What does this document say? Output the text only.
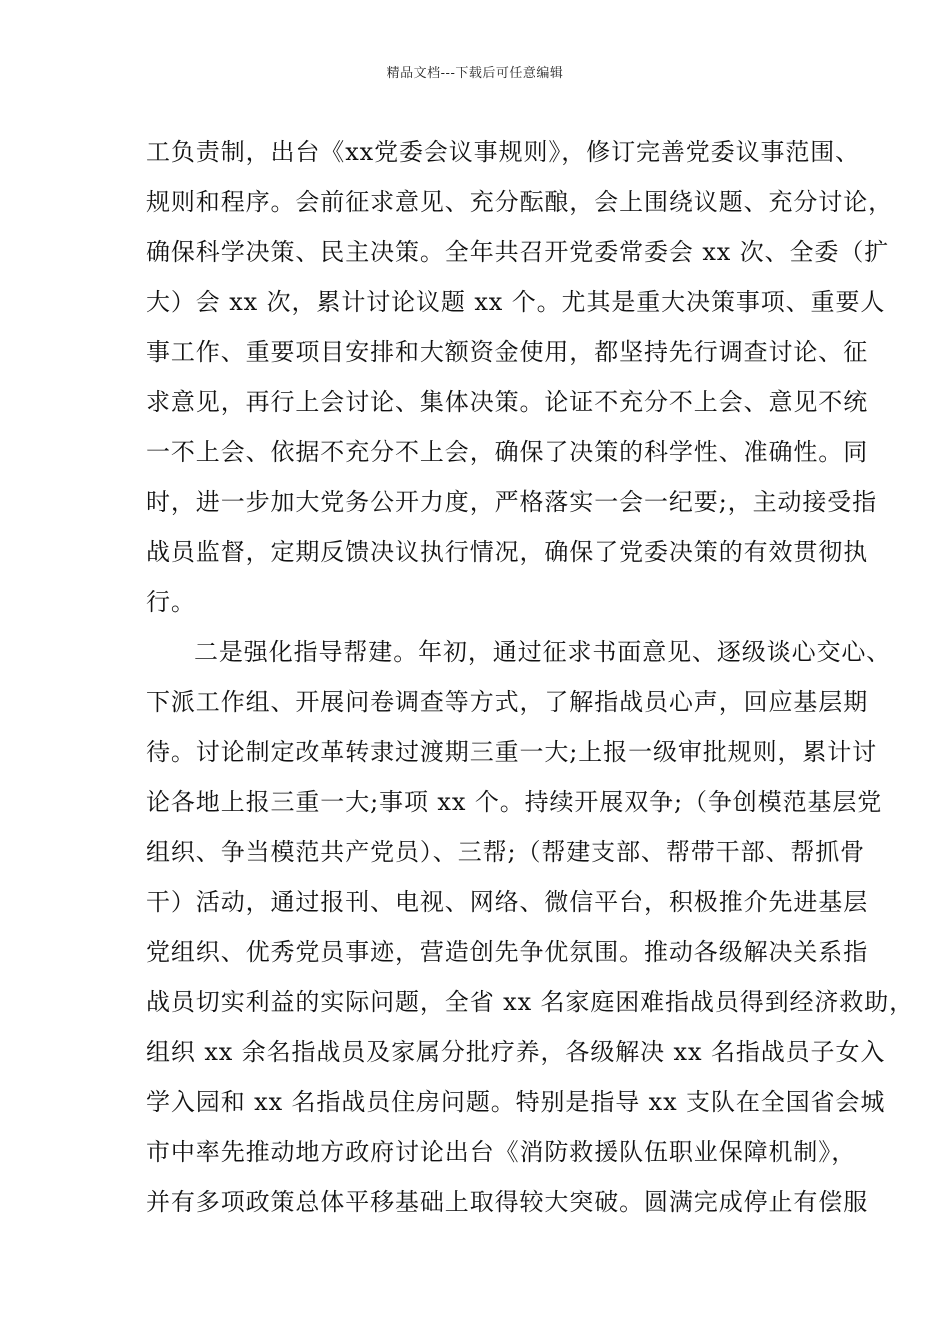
精品文档---下载后可任意编辑
工负责制，出台《xx党委会议事规则》，修订完善党委议事范围、
规则和程序。会前征求意见、充分酝酿，会上围绕议题、充分讨论，
确保科学决策、民主决策。全年共召开党委常委会 xx 次、全委（扩
大）会 xx 次，累计讨论议题 xx 个。尤其是重大决策事项、重要人
事工作、重要项目安排和大额资金使用，都坚持先行调查讨论、征
求意见，再行上会讨论、集体决策。论证不充分不上会、意见不统
一不上会、依据不充分不上会，确保了决策的科学性、准确性。同
时，进一步加大党务公开力度，严格落实一会一纪要;，主动接受指
战员监督，定期反馈决议执行情况，确保了党委决策的有效贯彻执
行。
二是强化指导帮建。年初，通过征求书面意见、逐级谈心交心、
下派工作组、开展问卷调查等方式，了解指战员心声，回应基层期
待。讨论制定改革转隶过渡期三重一大;上报一级审批规则，累计讨
论各地上报三重一大;事项 xx 个。持续开展双争;（争创模范基层党
组织、争当模范共产党员）、三帮;（帮建支部、帮带干部、帮抓骨
干）活动，通过报刊、电视、网络、微信平台，积极推介先进基层
党组织、优秀党员事迹，营造创先争优氛围。推动各级解决关系指
战员切实利益的实际问题，全省 xx 名家庭困难指战员得到经济救助，
组织 xx 余名指战员及家属分批疗养，各级解决 xx 名指战员子女入
学入园和 xx 名指战员住房问题。特别是指导 xx 支队在全国省会城
市中率先推动地方政府讨论出台《消防救援队伍职业保障机制》，
并有多项政策总体平移基础上取得较大突破。圆满完成停止有偿服
